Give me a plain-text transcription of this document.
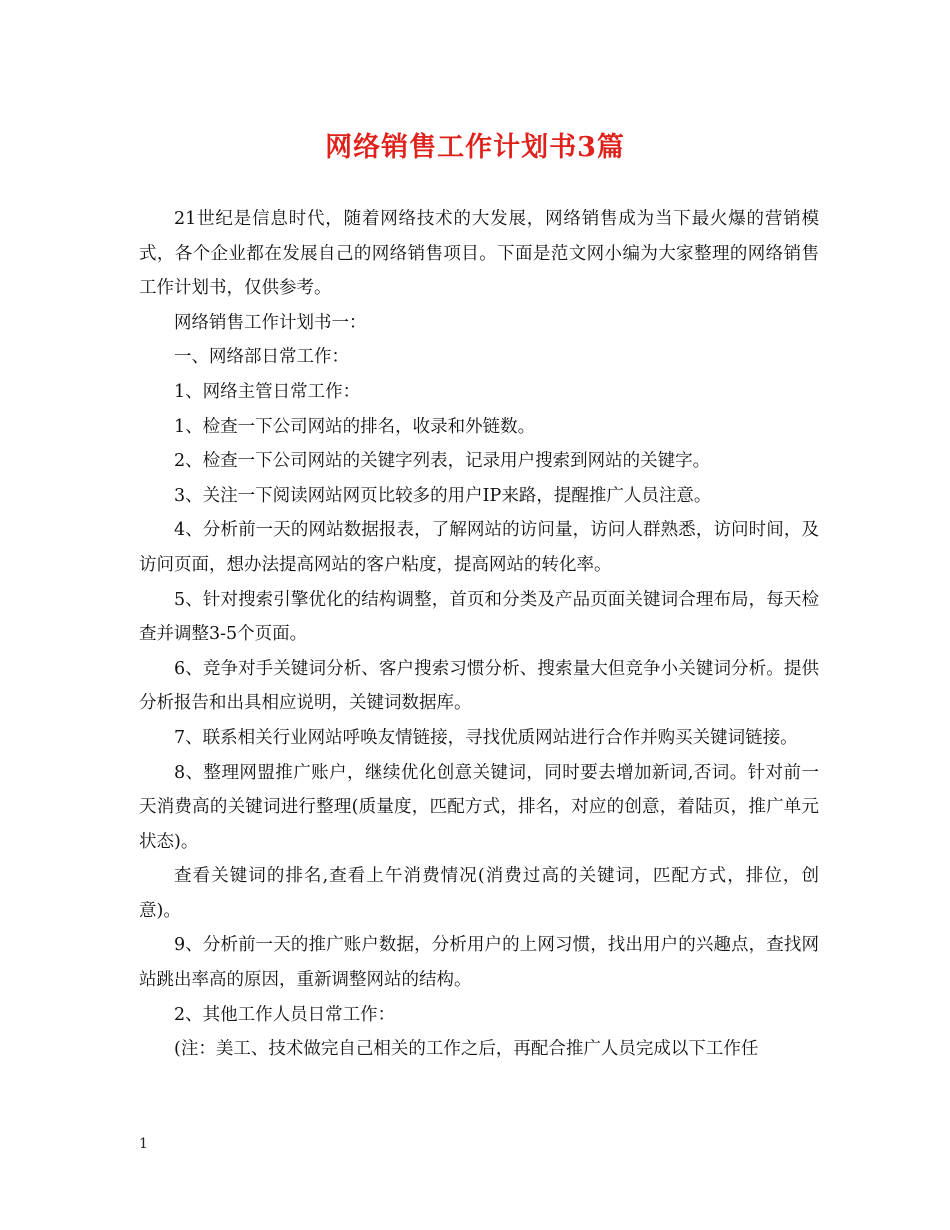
网络销售工作计划书3篇

21世纪是信息时代，随着网络技术的大发展，网络销售成为当下最火爆的营销模式，各个企业都在发展自己的网络销售项目。下面是范文网小编为大家整理的网络销售工作计划书，仅供参考。

网络销售工作计划书一：

一、网络部日常工作：

1、网络主管日常工作：

1、检查一下公司网站的排名，收录和外链数。

2、检查一下公司网站的关键字列表，记录用户搜索到网站的关键字。

3、关注一下阅读网站网页比较多的用户IP来路，提醒推广人员注意。

4、分析前一天的网站数据报表，了解网站的访问量，访问人群熟悉，访问时间，及访问页面，想办法提高网站的客户粘度，提高网站的转化率。

5、针对搜索引擎优化的结构调整，首页和分类及产品页面关键词合理布局，每天检查并调整3-5个页面。

6、竞争对手关键词分析、客户搜索习惯分析、搜索量大但竞争小关键词分析。提供分析报告和出具相应说明，关键词数据库。

7、联系相关行业网站呼唤友情链接，寻找优质网站进行合作并购买关键词链接。

8、整理网盟推广账户，继续优化创意关键词，同时要去增加新词,否词。针对前一天消费高的关键词进行整理(质量度，匹配方式，排名，对应的创意，着陆页，推广单元状态)。

查看关键词的排名,查看上午消费情况(消费过高的关键词，匹配方式，排位，创意)。

9、分析前一天的推广账户数据，分析用户的上网习惯，找出用户的兴趣点，查找网站跳出率高的原因，重新调整网站的结构。

2、其他工作人员日常工作：

(注：美工、技术做完自己相关的工作之后，再配合推广人员完成以下工作任

1
